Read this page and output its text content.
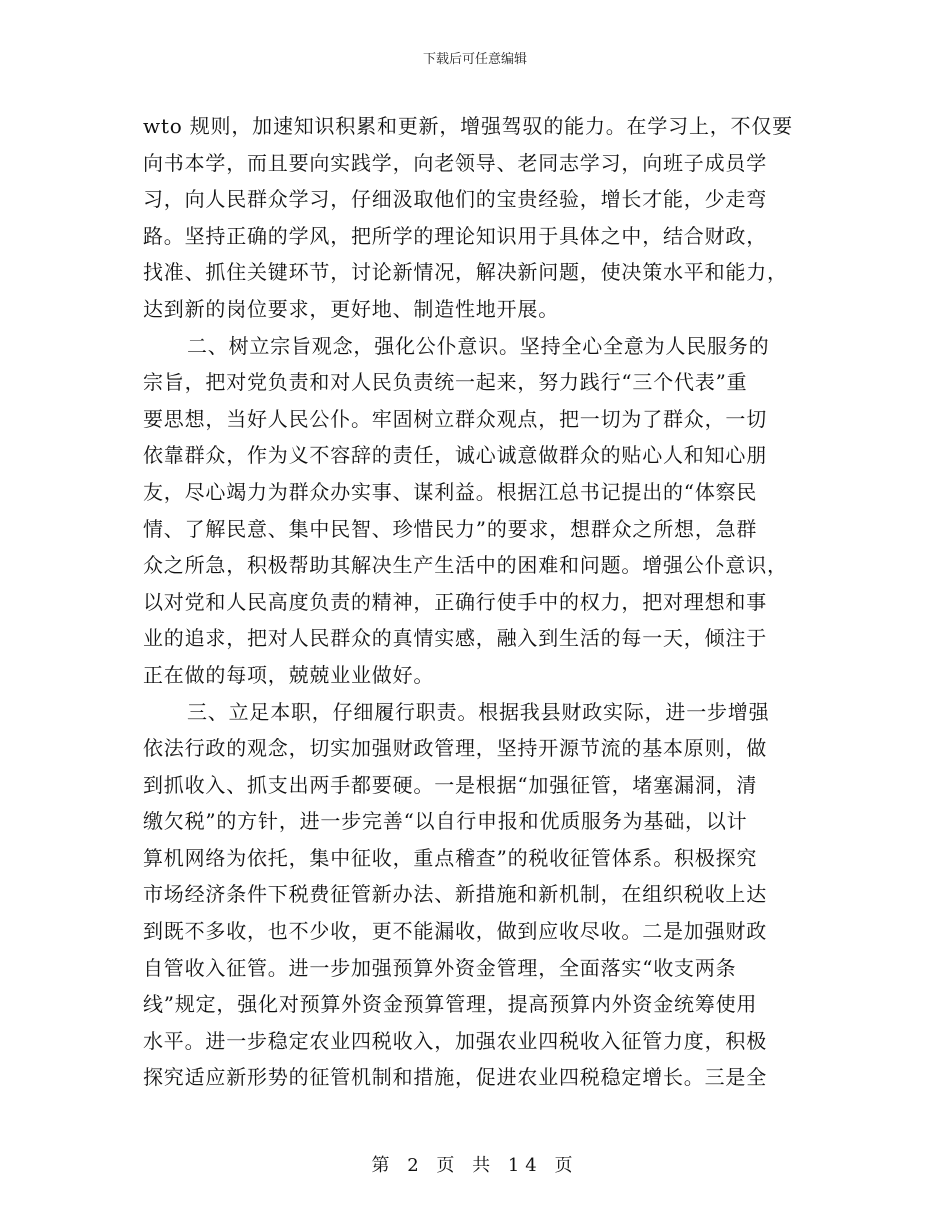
下载后可任意编辑
wto 规则，加速知识积累和更新，增强驾驭的能力。在学习上，不仅要
向书本学，而且要向实践学，向老领导、老同志学习，向班子成员学
习，向人民群众学习，仔细汲取他们的宝贵经验，增长才能，少走弯
路。坚持正确的学风，把所学的理论知识用于具体之中，结合财政，
找准、抓住关键环节，讨论新情况，解决新问题，使决策水平和能力，
达到新的岗位要求，更好地、制造性地开展。
二、树立宗旨观念，强化公仆意识。坚持全心全意为人民服务的
宗旨，把对党负责和对人民负责统一起来，努力践行“三个代表”重
要思想，当好人民公仆。牢固树立群众观点，把一切为了群众，一切
依靠群众，作为义不容辞的责任，诚心诚意做群众的贴心人和知心朋
友，尽心竭力为群众办实事、谋利益。根据江总书记提出的“体察民
情、了解民意、集中民智、珍惜民力”的要求，想群众之所想，急群
众之所急，积极帮助其解决生产生活中的困难和问题。增强公仆意识，
以对党和人民高度负责的精神，正确行使手中的权力，把对理想和事
业的追求，把对人民群众的真情实感，融入到生活的每一天，倾注于
正在做的每项，兢兢业业做好。
三、立足本职，仔细履行职责。根据我县财政实际，进一步增强
依法行政的观念，切实加强财政管理，坚持开源节流的基本原则，做
到抓收入、抓支出两手都要硬。一是根据“加强征管，堵塞漏洞，清
缴欠税”的方针，进一步完善“以自行申报和优质服务为基础，以计
算机网络为依托，集中征收，重点稽查”的税收征管体系。积极探究
市场经济条件下税费征管新办法、新措施和新机制，在组织税收上达
到既不多收，也不少收，更不能漏收，做到应收尽收。二是加强财政
自管收入征管。进一步加强预算外资金管理，全面落实“收支两条
线”规定，强化对预算外资金预算管理，提高预算内外资金统筹使用
水平。进一步稳定农业四税收入，加强农业四税收入征管力度，积极
探究适应新形势的征管机制和措施，促进农业四税稳定增长。三是全
第 2 页 共 14 页
